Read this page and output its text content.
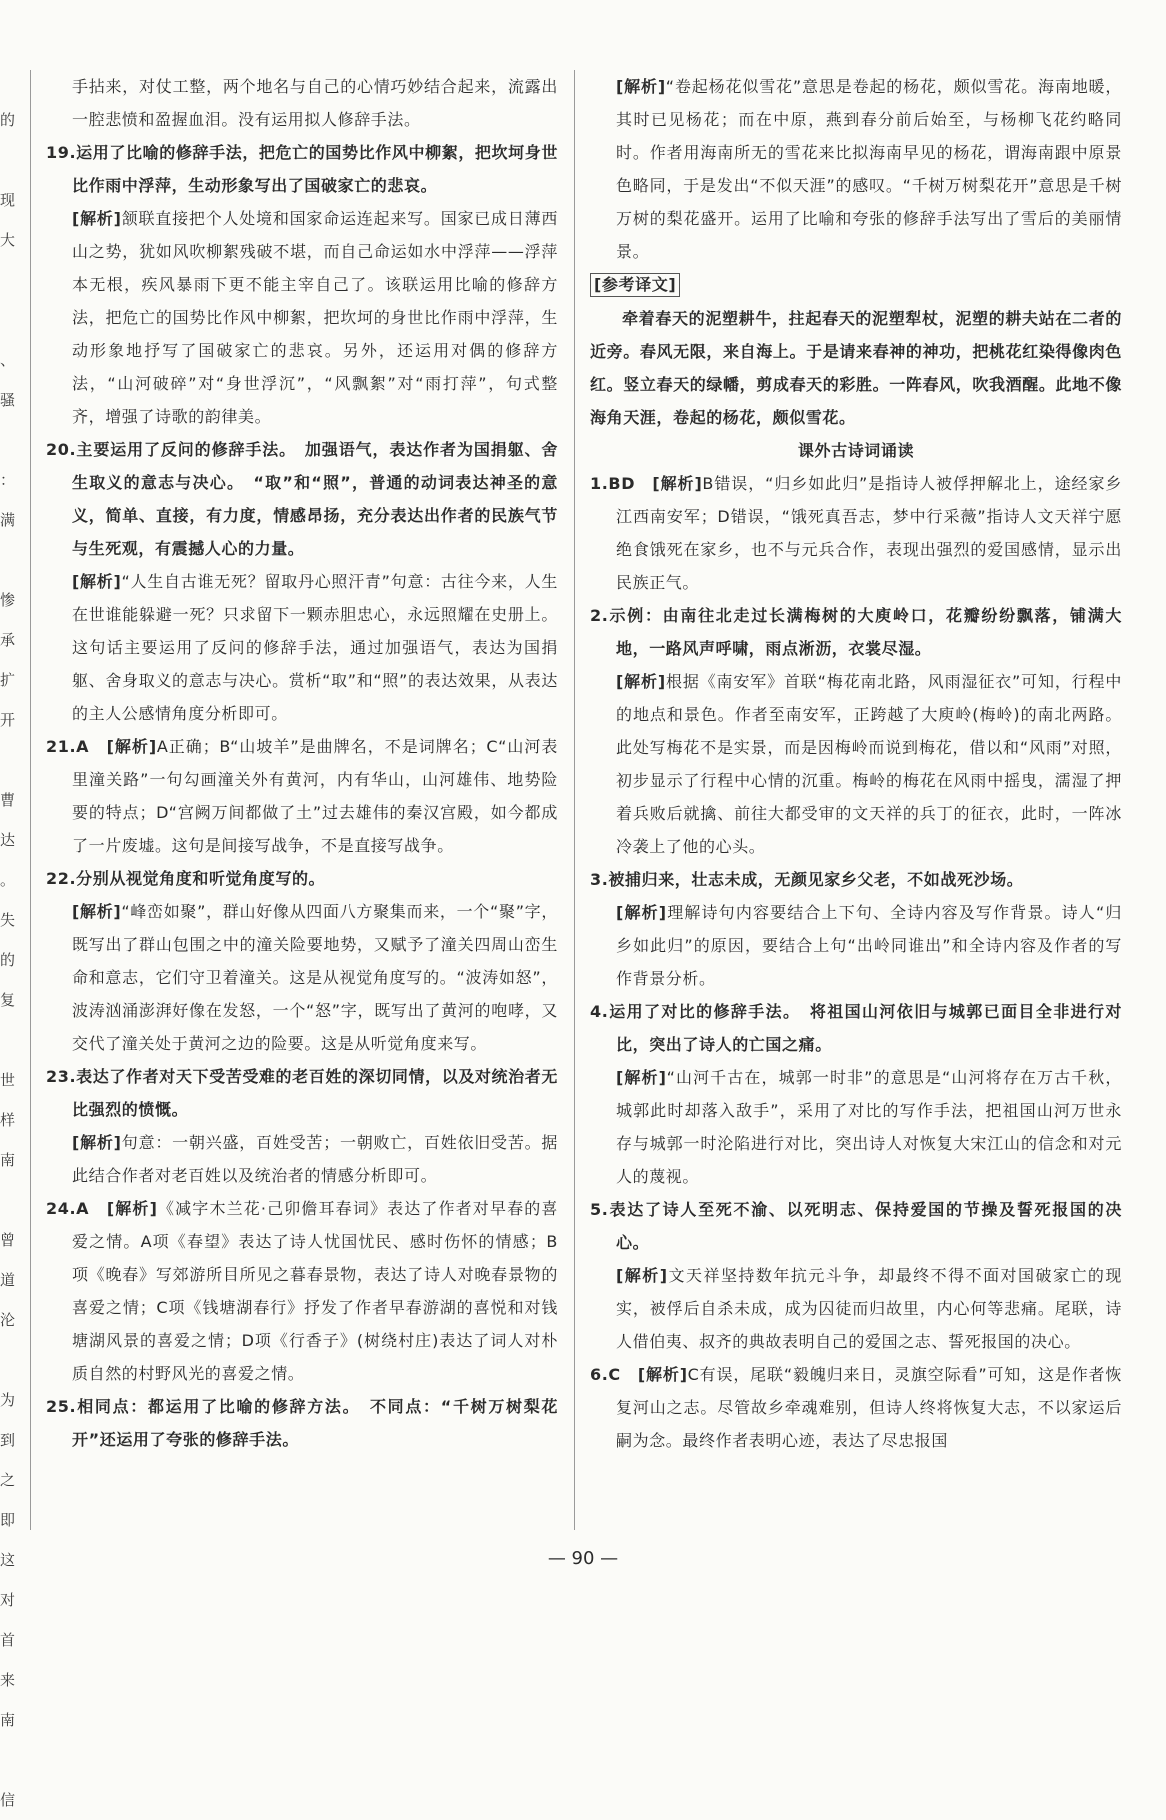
的
现
大
、
骚
：
满
惨
承
扩
开
曹
达
。
失
的
复
世
样
南
曾
道
沦
为
到
之
即
这
对
首
来
南
信

手拈来，对仗工整，两个地名与自己的心情巧妙结合起来，流露出一腔悲愤和盈握血泪。没有运用拟人修辞手法。

19.运用了比喻的修辞手法，把危亡的国势比作风中柳絮，把坎坷身世比作雨中浮萍，生动形象写出了国破家亡的悲哀。

[解析]颔联直接把个人处境和国家命运连起来写。国家已成日薄西山之势，犹如风吹柳絮残破不堪，而自己命运如水中浮萍——浮萍本无根，疾风暴雨下更不能主宰自己了。该联运用比喻的修辞方法，把危亡的国势比作风中柳絮，把坎坷的身世比作雨中浮萍，生动形象地抒写了国破家亡的悲哀。另外，还运用对偶的修辞方法，“山河破碎”对“身世浮沉”，“风飘絮”对“雨打萍”，句式整齐，增强了诗歌的韵律美。

20.主要运用了反问的修辞手法。　加强语气，表达作者为国捐躯、舍生取义的意志与决心。　“取”和“照”，普通的动词表达神圣的意义，简单、直接，有力度，情感昂扬，充分表达出作者的民族气节与生死观，有震撼人心的力量。

[解析]“人生自古谁无死？留取丹心照汗青”句意：古往今来，人生在世谁能躲避一死？只求留下一颗赤胆忠心，永远照耀在史册上。这句话主要运用了反问的修辞手法，通过加强语气，表达为国捐躯、舍身取义的意志与决心。赏析“取”和“照”的表达效果，从表达的主人公感情角度分析即可。

21.A　 [解析]A正确；B“山坡羊”是曲牌名，不是词牌名；C“山河表里潼关路”一句勾画潼关外有黄河，内有华山，山河雄伟、地势险要的特点；D“宫阙万间都做了土”过去雄伟的秦汉宫殿，如今都成了一片废墟。这句是间接写战争，不是直接写战争。

22.分别从视觉角度和听觉角度写的。

[解析]“峰峦如聚”，群山好像从四面八方聚集而来，一个“聚”字，既写出了群山包围之中的潼关险要地势，又赋予了潼关四周山峦生命和意志，它们守卫着潼关。这是从视觉角度写的。“波涛如怒”，波涛汹涌澎湃好像在发怒，一个“怒”字，既写出了黄河的咆哮，又交代了潼关处于黄河之边的险要。这是从听觉角度来写。

23.表达了作者对天下受苦受难的老百姓的深切同情，以及对统治者无比强烈的愤慨。

[解析]句意：一朝兴盛，百姓受苦；一朝败亡，百姓依旧受苦。据此结合作者对老百姓以及统治者的情感分析即可。

24.A　 [解析]《减字木兰花·己卯儋耳春词》表达了作者对早春的喜爱之情。A项《春望》表达了诗人忧国忧民、感时伤怀的情感；B项《晚春》写郊游所目所见之暮春景物，表达了诗人对晚春景物的喜爱之情；C项《钱塘湖春行》抒发了作者早春游湖的喜悦和对钱塘湖风景的喜爱之情；D项《行香子》(树绕村庄)表达了词人对朴质自然的村野风光的喜爱之情。

25.相同点：都运用了比喻的修辞方法。　不同点：“千树万树梨花开”还运用了夸张的修辞手法。

[解析]“卷起杨花似雪花”意思是卷起的杨花，颇似雪花。海南地暖，其时已见杨花；而在中原，燕到春分前后始至，与杨柳飞花约略同时。作者用海南所无的雪花来比拟海南早见的杨花，谓海南跟中原景色略同，于是发出“不似天涯”的感叹。“千树万树梨花开”意思是千树万树的梨花盛开。运用了比喻和夸张的修辞手法写出了雪后的美丽情景。

[参考译文]

牵着春天的泥塑耕牛，拄起春天的泥塑犁杖，泥塑的耕夫站在二者的近旁。春风无限，来自海上。于是请来春神的神功，把桃花红染得像肉色红。竖立春天的绿幡，剪成春天的彩胜。一阵春风，吹我酒醒。此地不像海角天涯，卷起的杨花，颇似雪花。

课外古诗词诵读

1.BD　 [解析]B错误，“归乡如此归”是指诗人被俘押解北上，途经家乡江西南安军；D错误，“饿死真吾志，梦中行采薇”指诗人文天祥宁愿绝食饿死在家乡，也不与元兵合作，表现出强烈的爱国感情，显示出民族正气。

2.示例：由南往北走过长满梅树的大庾岭口，花瓣纷纷飘落，铺满大地，一路风声呼啸，雨点淅沥，衣裳尽湿。

[解析]根据《南安军》首联“梅花南北路，风雨湿征衣”可知，行程中的地点和景色。作者至南安军，正跨越了大庾岭(梅岭)的南北两路。此处写梅花不是实景，而是因梅岭而说到梅花，借以和“风雨”对照，初步显示了行程中心情的沉重。梅岭的梅花在风雨中摇曳，濡湿了押着兵败后就擒、前往大都受审的文天祥的兵丁的征衣，此时，一阵冰冷袭上了他的心头。

3.被捕归来，壮志未成，无颜见家乡父老，不如战死沙场。

[解析]理解诗句内容要结合上下句、全诗内容及写作背景。诗人“归乡如此归”的原因，要结合上句“出岭同谁出”和全诗内容及作者的写作背景分析。

4.运用了对比的修辞手法。　将祖国山河依旧与城郭已面目全非进行对比，突出了诗人的亡国之痛。

[解析]“山河千古在，城郭一时非”的意思是“山河将存在万古千秋，城郭此时却落入敌手”，采用了对比的写作手法，把祖国山河万世永存与城郭一时沦陷进行对比，突出诗人对恢复大宋江山的信念和对元人的蔑视。

5.表达了诗人至死不渝、以死明志、保持爱国的节操及誓死报国的决心。

[解析]文天祥坚持数年抗元斗争，却最终不得不面对国破家亡的现实，被俘后自杀未成，成为囚徒而归故里，内心何等悲痛。尾联，诗人借伯夷、叔齐的典故表明自己的爱国之志、誓死报国的决心。

6.C　 [解析]C有误，尾联“毅魄归来日，灵旗空际看”可知，这是作者恢复河山之志。尽管故乡牵魂难别，但诗人终将恢复大志，不以家运后嗣为念。最终作者表明心迹，表达了尽忠报国

— 90 —
